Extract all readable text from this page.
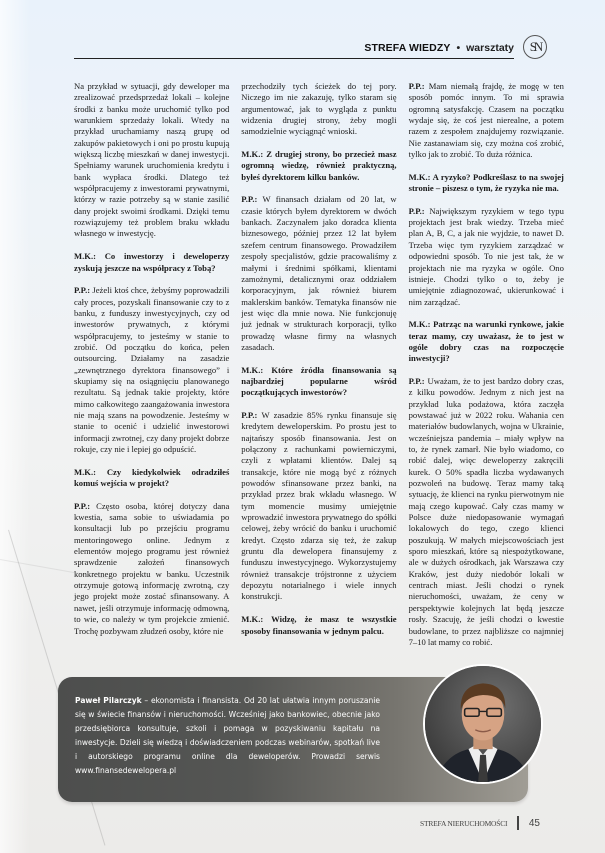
STREFA WIEDZY • warsztaty	SN

Na przykład w sytuacji, gdy deweloper ma zrealizować przedsprzedaż lokali – kolejne środki z banku może uruchomić tylko pod warunkiem sprzedaży lokali. Wtedy na przykład uruchamiamy naszą grupę od zakupów pakietowych i oni po prostu kupują większą liczbę mieszkań w danej inwestycji. Spełniamy warunek uruchomienia kredytu i bank wypłaca środki. Dlatego też współpracujemy z inwestorami prywatnymi, którzy w razie potrzeby są w stanie zasilić dany projekt swoimi środkami. Dzięki temu rozwiązujemy też problem braku wkładu własnego w inwestycję.

M.K.: Co inwestorzy i deweloperzy zyskują jeszcze na współpracy z Tobą?

P.P.: Jeżeli ktoś chce, żebyśmy poprowadzili cały proces, pozyskali finansowanie czy to z banku, z funduszy inwestycyjnych, czy od inwestorów prywatnych, z którymi współpracujemy, to jesteśmy w stanie to zrobić. Od początku do końca, pełen outsourcing. Działamy na zasadzie „zewnętrznego dyrektora finansowego” i skupiamy się na osiągnięciu planowanego rezultatu. Są jednak takie projekty, które mimo całkowitego zaangażowania inwestora nie mają szans na powodzenie. Jesteśmy w stanie to ocenić i udzielić inwestorowi informacji zwrotnej, czy dany projekt dobrze rokuje, czy nie i lepiej go odpuścić.

M.K.: Czy kiedykolwiek odradziłeś komuś wejścia w projekt?

P.P.: Często osoba, której dotyczy dana kwestia, sama sobie to uświadamia po konsultacji lub po przejściu programu mentoringowego online. Jednym z elementów mojego programu jest również sprawdzenie założeń finansowych konkretnego projektu w banku. Uczestnik otrzymuje gotową informację zwrotną, czy jego projekt może zostać sfinansowany. A nawet, jeśli otrzymuje informację odmowną, to wie, co należy w tym projekcie zmienić. Trochę pozbywam złudzeń osoby, które nie

przechodziły tych ścieżek do tej pory. Niczego im nie zakazuję, tylko staram się argumentować, jak to wygląda z punktu widzenia drugiej strony, żeby mogli samodzielnie wyciągnąć wnioski.

M.K.: Z drugiej strony, bo przecież masz ogromną wiedzę, również praktyczną, byłeś dyrektorem kilku banków.

P.P.: W finansach działam od 20 lat, w czasie których byłem dyrektorem w dwóch bankach. Zaczynałem jako doradca klienta biznesowego, później przez 12 lat byłem szefem centrum finansowego. Prowadziłem zespoły specjalistów, gdzie pracowaliśmy z małymi i średnimi spółkami, klientami zamożnymi, detalicznymi oraz oddziałem korporacyjnym, jak również biurem maklerskim banków. Tematyka finansów nie jest więc dla mnie nowa. Nie funkcjonuję już jednak w strukturach korporacji, tylko prowadzę własne firmy na własnych zasadach.

M.K.: Które źródła finansowania są najbardziej popularne wśród początkujących inwestorów?

P.P.: W zasadzie 85% rynku finansuje się kredytem deweloperskim. Po prostu jest to najtańszy sposób finansowania. Jest on połączony z rachunkami powierniczymi, czyli z wpłatami klientów. Dalej są transakcje, które nie mogą być z różnych powodów sfinansowane przez banki, na przykład przez brak wkładu własnego. W tym momencie musimy umiejętnie wprowadzić inwestora prywatnego do spółki celowej, żeby wrócić do banku i uruchomić kredyt. Często zdarza się też, że zakup gruntu dla dewelopera finansujemy z funduszu inwestycyjnego. Wykorzystujemy również transakcje trójstronne z użyciem depozytu notarialnego i wiele innych konstrukcji.

M.K.: Widzę, że masz te wszystkie sposoby finansowania w jednym palcu.

P.P.: Mam niemałą frajdę, że mogę w ten sposób pomóc innym. To mi sprawia ogromną satysfakcję. Czasem na początku wydaje się, że coś jest nierealne, a potem razem z zespołem znajdujemy rozwiązanie. Nie zastanawiam się, czy można coś zrobić, tylko jak to zrobić. To duża różnica.

M.K.: A ryzyko? Podkreślasz to na swojej stronie – piszesz o tym, że ryzyka nie ma.

P.P.: Największym ryzykiem w tego typu projektach jest brak wiedzy. Trzeba mieć plan A, B, C, a jak nie wyjdzie, to nawet D. Trzeba więc tym ryzykiem zarządzać w odpowiedni sposób. To nie jest tak, że w projektach nie ma ryzyka w ogóle. Ono istnieje. Chodzi tylko o to, żeby je umiejętnie zdiagnozować, ukierunkować i nim zarządzać.

M.K.: Patrząc na warunki rynkowe, jakie teraz mamy, czy uważasz, że to jest w ogóle dobry czas na rozpoczęcie inwestycji?

P.P.: Uważam, że to jest bardzo dobry czas, z kilku powodów. Jednym z nich jest na przykład luka podażowa, która zaczęła powstawać już w 2022 roku. Wahania cen materiałów budowlanych, wojna w Ukrainie, wcześniejsza pandemia – miały wpływ na to, że rynek zamarł. Nie było wiadomo, co robić dalej, więc deweloperzy zakręcili kurek. O 50% spadła liczba wydawanych pozwoleń na budowę. Teraz mamy taką sytuację, że klienci na rynku pierwotnym nie mają czego kupować. Cały czas mamy w Polsce duże niedopasowanie wymagań lokalowych do tego, czego klienci poszukują. W małych miejscowościach jest sporo mieszkań, które są niespożytkowane, ale w dużych ośrodkach, jak Warszawa czy Kraków, jest duży niedobór lokali w centrach miast. Jeśli chodzi o rynek nieruchomości, uważam, że ceny w perspektywie kolejnych lat będą jeszcze rosły. Szacuję, że jeśli chodzi o kwestie budowlane, to przez najbliższe co najmniej 7–10 lat mamy co robić.

Paweł Pilarczyk – ekonomista i finansista. Od 20 lat ułatwia innym poruszanie się w świecie finansów i nieruchomości. Wcześniej jako bankowiec, obecnie jako przedsiębiorca konsultuje, szkoli i pomaga w pozyskiwaniu kapitału na inwestycje. Dzieli się wiedzą i doświadczeniem podczas webinarów, spotkań live i autorskiego programu online dla deweloperów. Prowadzi serwis www.finansedewelopera.pl
STREFA NIERUCHOMOŚCI 45
